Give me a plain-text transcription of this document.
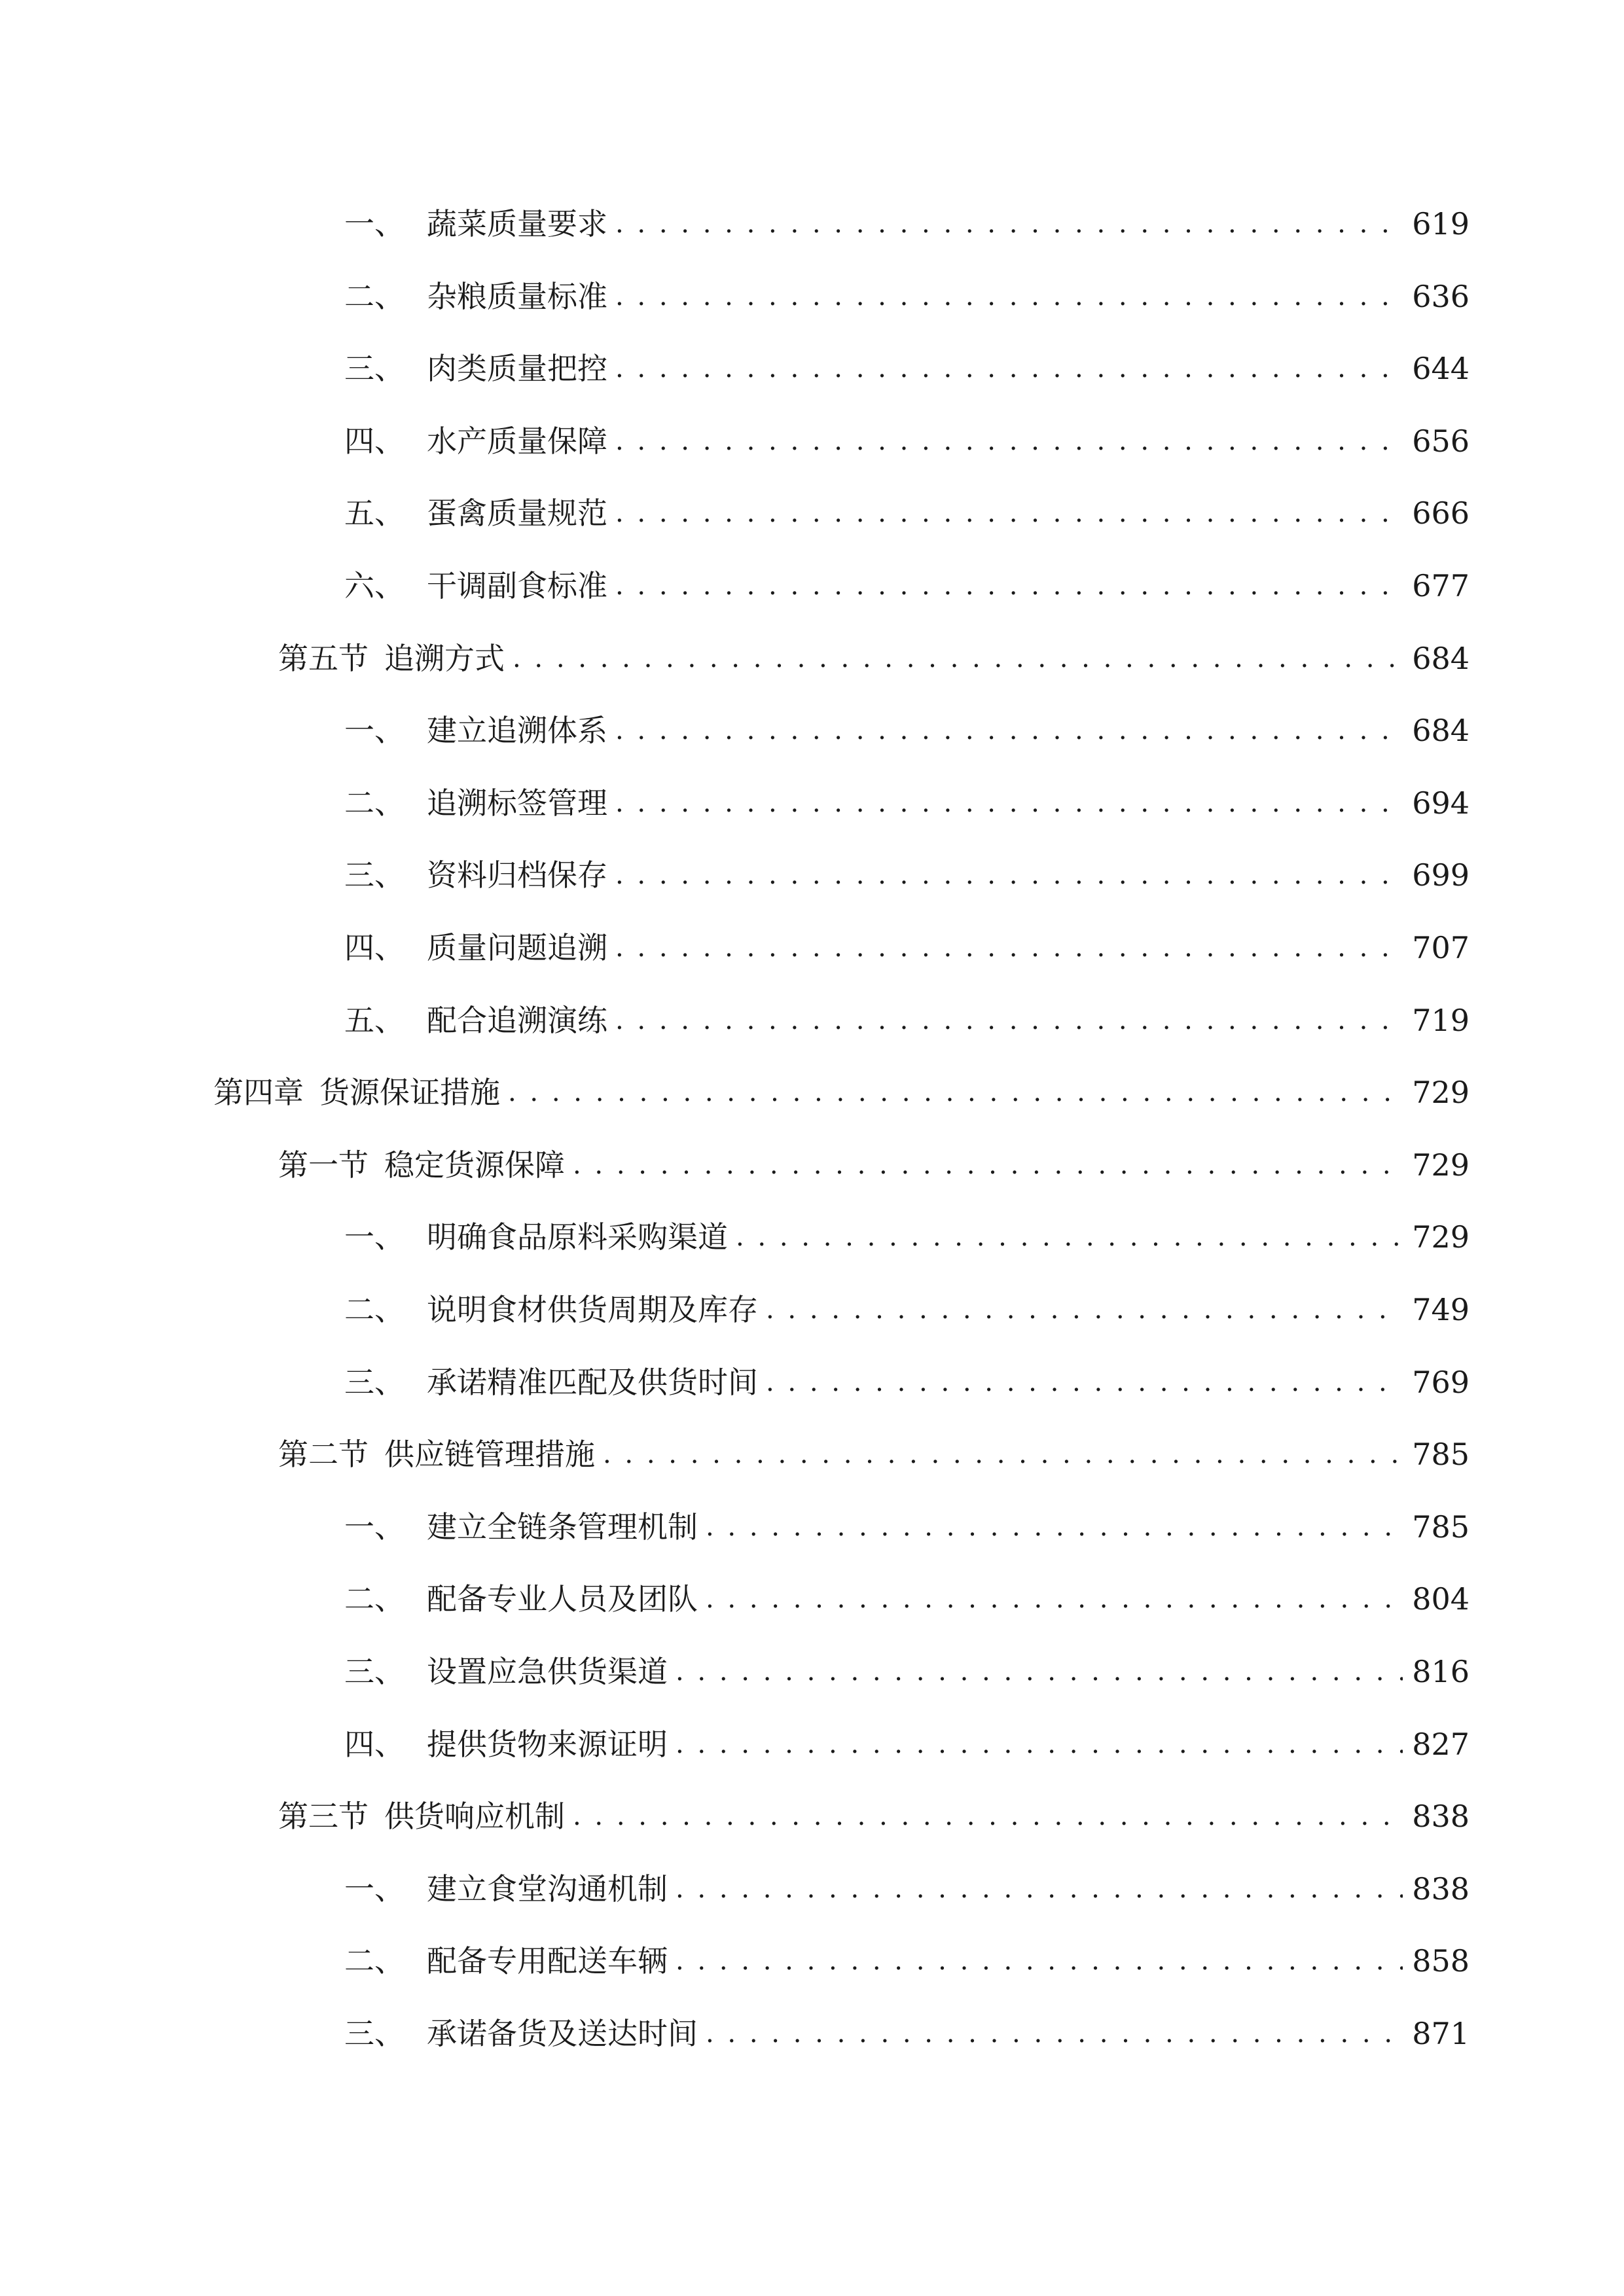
一、 蔬菜质量要求 . . .	619
二、 杂粮质量标准 . . .	636
三、 肉类质量把控 . . .	644
四、 水产质量保障 . . .	656
五、 蛋禽质量规范 . . .	666
六、 干调副食标准 . . .	677
第五节 追溯方式 . . .	684
一、 建立追溯体系 . . .	684
二、 追溯标签管理 . . .	694
三、 资料归档保存 . . .	699
四、 质量问题追溯 . . .	707
五、 配合追溯演练 . . .	719
第四章 货源保证措施 . . .	729
第一节 稳定货源保障 . . .	729
一、 明确食品原料采购渠道 . . .	729
二、 说明食材供货周期及库存 . . .	749
三、 承诺精准匹配及供货时间 . . .	769
第二节 供应链管理措施 . . .	785
一、 建立全链条管理机制 . . .	785
二、 配备专业人员及团队 . . .	804
三、 设置应急供货渠道 . . .	816
四、 提供货物来源证明 . . .	827
第三节 供货响应机制 . . .	838
一、 建立食堂沟通机制 . . .	838
二、 配备专用配送车辆 . . .	858
三、 承诺备货及送达时间 . . .	871
